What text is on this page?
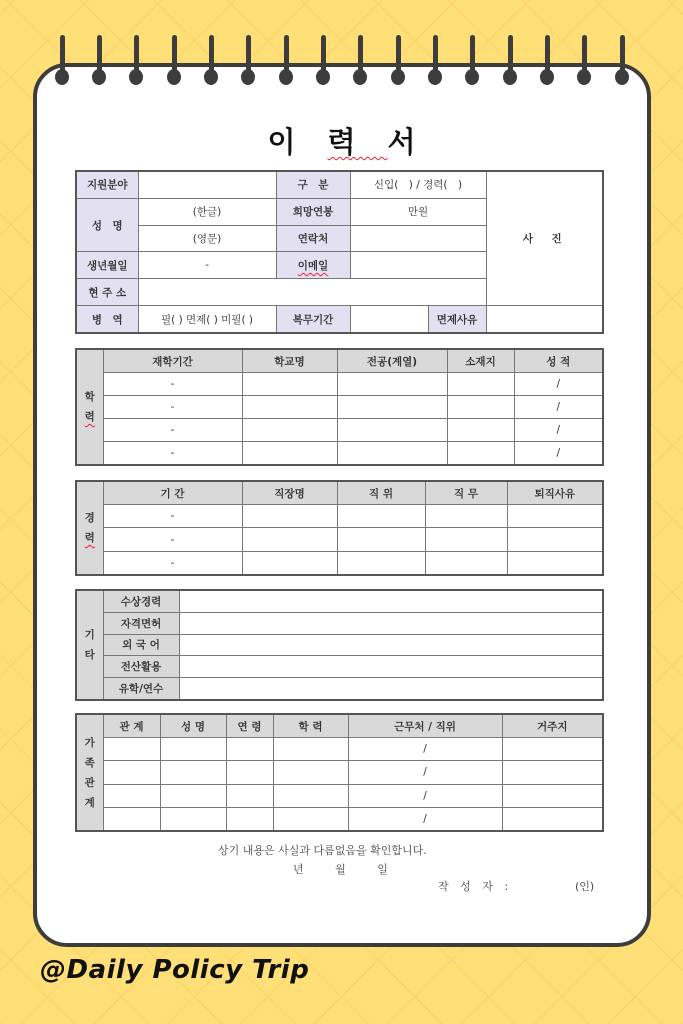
이력서
지원분야		구　분	신입(　) / 경력(　)		사　진
성　명	(한글)	희망연봉	만원		
	(영문)	연락처			
생년월일	-	이메일			
현 주 소					
병　역	필( ) 면제( ) 미필( )	복무기간		면제사유	
학
력	재학기간	학교명	전공(계열)	소재지	성 적
	-				/
	-				/
	-				/
	-				/
경
력	기 간	직장명	직 위	직 무	퇴직사유
	-				
	-				
	-				
기
타	수상경력	
	자격면허	
	외 국 어	
	전산활용	
	유학/연수	
가
족
관
계	관 계	성 명	연 령	학 력	근무처 / 직위	거주지
					/	
					/	
					/	
					/	
상기 내용은 사실과 다름없음을 확인합니다.
년	월	일
작 성 자 :	(인)
@Daily Policy Trip
